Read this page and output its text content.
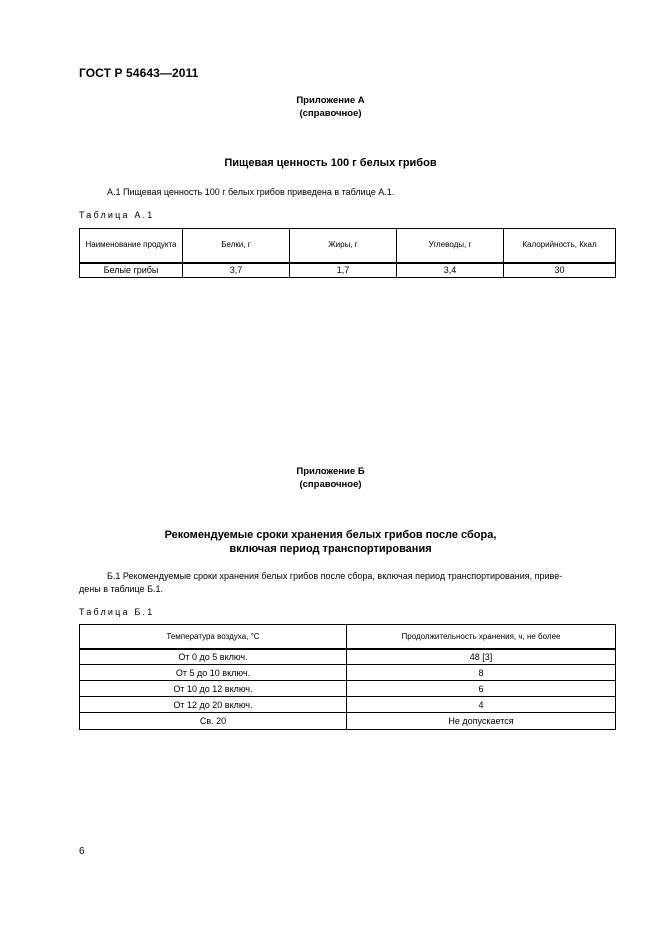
ГОСТ Р 54643—2011
Приложение А
(справочное)
Пищевая ценность 100 г белых грибов
А.1 Пищевая ценность 100 г белых грибов приведена в таблице А.1.
Таблица А.1
Наименование продукта	Белки, г	Жиры, г	Углеводы, г	Калорийность, Ккал
Белые грибы	3,7	1,7	3,4	30
Приложение Б
(справочное)
Рекомендуемые сроки хранения белых грибов после сбора,
включая период транспортирования
Б.1 Рекомендуемые сроки хранения белых грибов после сбора, включая период транспортирования, приве-
дены в таблице Б.1.
Таблица Б.1
Температура воздуха, °С	Продолжительность хранения, ч, не более
От 0 до 5 включ.	48 [3]
От 5 до 10 включ.	8
От 10 до 12 включ.	6
От 12 до 20 включ.	4
Св. 20	Не допускается
6
